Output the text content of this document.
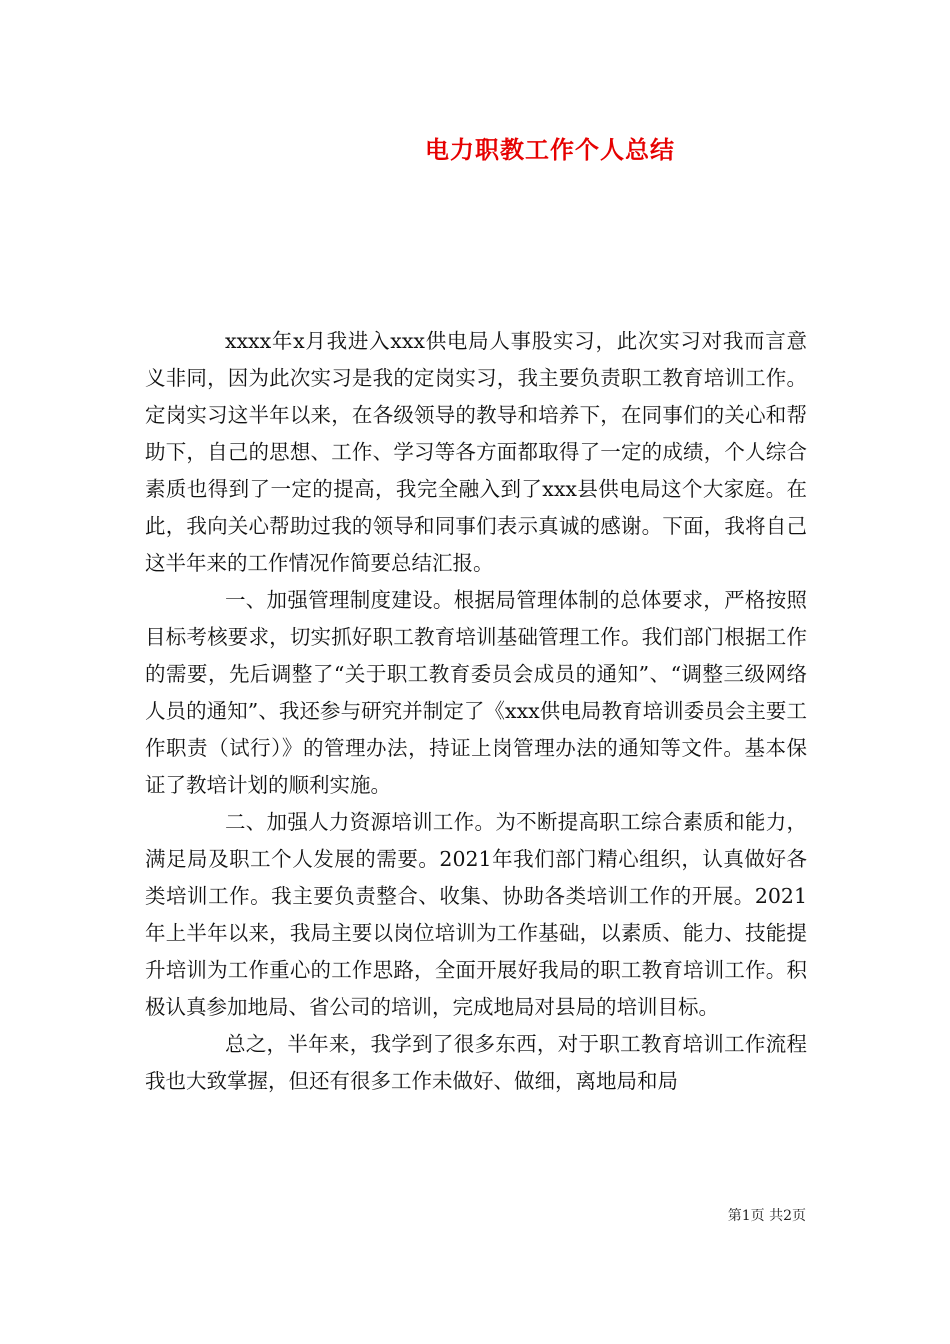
电力职教工作个人总结

xxxx年x月我进入xxx供电局人事股实习，此次实习对我而言意义非同，因为此次实习是我的定岗实习，我主要负责职工教育培训工作。定岗实习这半年以来，在各级领导的教导和培养下，在同事们的关心和帮助下，自己的思想、工作、学习等各方面都取得了一定的成绩，个人综合素质也得到了一定的提高，我完全融入到了xxx县供电局这个大家庭。在此，我向关心帮助过我的领导和同事们表示真诚的感谢。下面，我将自己这半年来的工作情况作简要总结汇报。

一、加强管理制度建设。根据局管理体制的总体要求，严格按照目标考核要求，切实抓好职工教育培训基础管理工作。我们部门根据工作的需要，先后调整了“关于职工教育委员会成员的通知”、“调整三级网络人员的通知”、我还参与研究并制定了《xxx供电局教育培训委员会主要工作职责（试行）》的管理办法，持证上岗管理办法的通知等文件。基本保证了教培计划的顺利实施。

二、加强人力资源培训工作。为不断提高职工综合素质和能力，满足局及职工个人发展的需要。2021年我们部门精心组织，认真做好各类培训工作。我主要负责整合、收集、协助各类培训工作的开展。2021年上半年以来，我局主要以岗位培训为工作基础，以素质、能力、技能提升培训为工作重心的工作思路，全面开展好我局的职工教育培训工作。积极认真参加地局、省公司的培训，完成地局对县局的培训目标。

总之，半年来，我学到了很多东西，对于职工教育培训工作流程我也大致掌握，但还有很多工作未做好、做细，离地局和局

第1页 共2页
